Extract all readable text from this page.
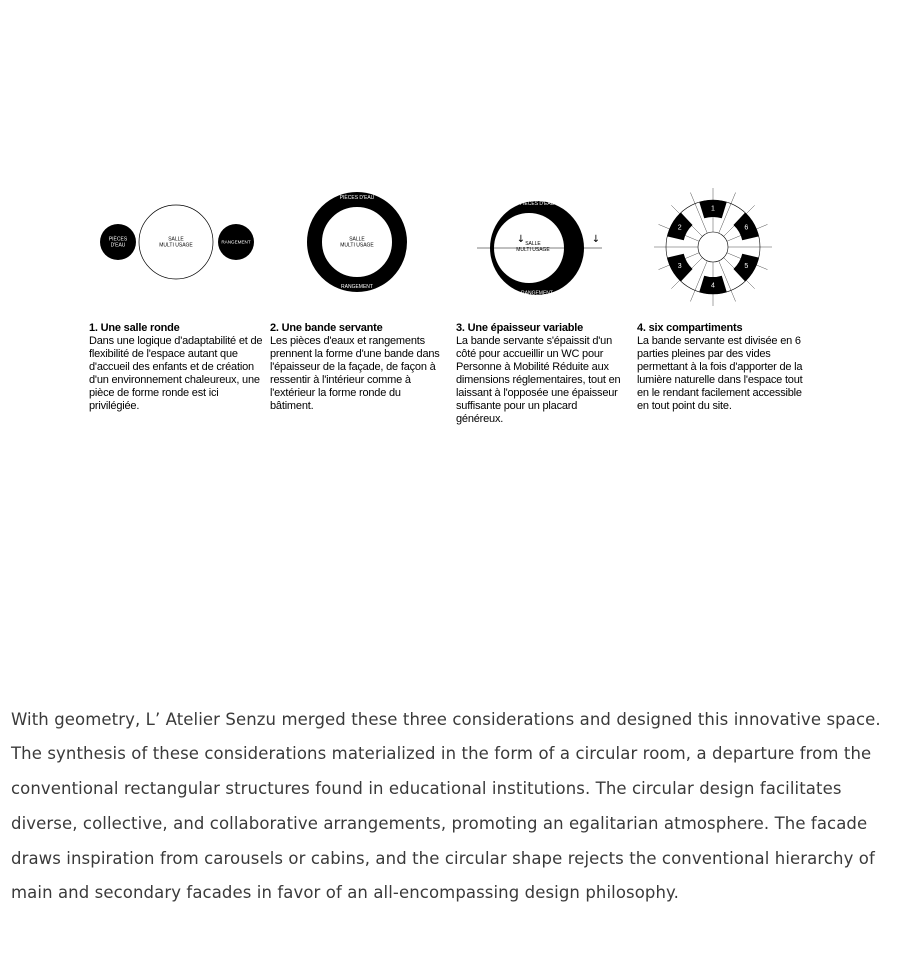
PIÈCES
D'EAU
SALLE
MULTI USAGE
RANGEMENT
PIÈCES D'EAU
SALLE
MULTI USAGE
RANGEMENT
PIÈCES D'EAU
↓ SALLE
MULTI USAGE
↓
RANGEMENT
1
2
3
4
5
6
1. Une salle ronde
Dans une logique d'adaptabilité et de flexibilité de l'espace autant que d'accueil des enfants et de création d'un environnement chaleureux, une pièce de forme ronde est ici privilégiée.
2. Une bande servante
Les pièces d'eaux et rangements prennent la forme d'une bande dans l'épaisseur de la façade, de façon à ressentir à l'intérieur comme à l'extérieur la forme ronde du bâtiment.
3. Une épaisseur variable
La bande servante s'épaissit d'un côté pour accueillir un WC pour Personne à Mobilité Réduite aux dimensions réglementaires, tout en laissant à l'opposée une épaisseur suffisante pour un placard généreux.
4. six compartiments
La bande servante est divisée en 6 parties pleines par des vides permettant à la fois d'apporter de la lumière naturelle dans l'espace tout en le rendant facilement accessible en tout point du site.

With geometry, L’ Atelier Senzu merged these three considerations and designed this innovative space. The synthesis of these considerations materialized in the form of a circular room, a departure from the conventional rectangular structures found in educational institutions. The circular design facilitates diverse, collective, and collaborative arrangements, promoting an egalitarian atmosphere. The facade draws inspiration from carousels or cabins, and the circular shape rejects the conventional hierarchy of main and secondary facades in favor of an all-encompassing design philosophy.
